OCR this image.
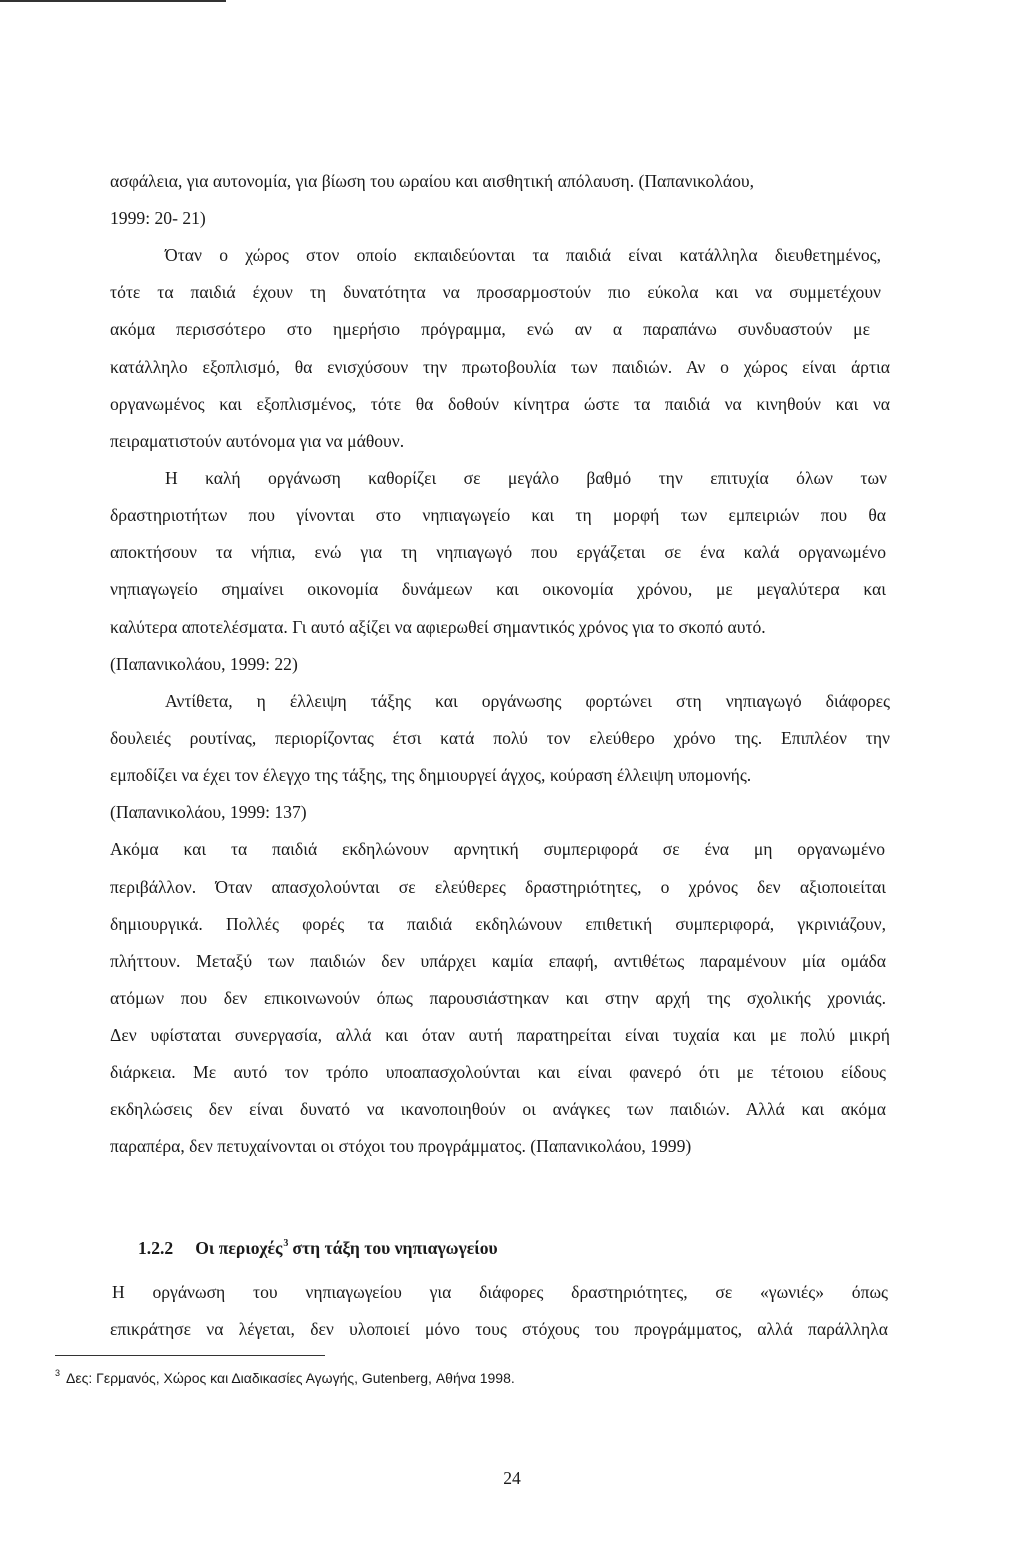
ασφάλεια, για αυτονομία, για βίωση του ωραίου και αισθητική απόλαυση. (Παπανικολάου,
1999: 20- 21)
Όταν ο χώρος στον οποίο εκπαιδεύονται τα παιδιά είναι κατάλληλα διευθετημένος,
τότε τα παιδιά έχουν τη δυνατότητα να προσαρμοστούν πιο εύκολα και να συμμετέχουν
ακόμα περισσότερο στο ημερήσιο πρόγραμμα, ενώ αν α παραπάνω συνδυαστούν με
κατάλληλο εξοπλισμό, θα ενισχύσουν την πρωτοβουλία των παιδιών. Αν ο χώρος είναι άρτια
οργανωμένος και εξοπλισμένος, τότε θα δοθούν κίνητρα ώστε τα παιδιά να κινηθούν και να
πειραματιστούν αυτόνομα για να μάθουν.
Η καλή οργάνωση καθορίζει σε μεγάλο βαθμό την επιτυχία όλων των
δραστηριοτήτων που γίνονται στο νηπιαγωγείο και τη μορφή των εμπειριών που θα
αποκτήσουν τα νήπια, ενώ για τη νηπιαγωγό που εργάζεται σε ένα καλά οργανωμένο
νηπιαγωγείο σημαίνει οικονομία δυνάμεων και οικονομία χρόνου, με μεγαλύτερα και
καλύτερα αποτελέσματα. Γι αυτό αξίζει να αφιερωθεί σημαντικός χρόνος για το σκοπό αυτό.
(Παπανικολάου, 1999: 22)
Αντίθετα, η έλλειψη τάξης και οργάνωσης φορτώνει στη νηπιαγωγό διάφορες
δουλειές ρουτίνας, περιορίζοντας έτσι κατά πολύ τον ελεύθερο χρόνο της. Επιπλέον την
εμποδίζει να έχει τον έλεγχο της τάξης, της δημιουργεί άγχος, κούραση έλλειψη υπομονής.
(Παπανικολάου, 1999: 137)
Ακόμα και τα παιδιά εκδηλώνουν αρνητική συμπεριφορά σε ένα μη οργανωμένο
περιβάλλον. Όταν απασχολούνται σε ελεύθερες δραστηριότητες, ο χρόνος δεν αξιοποιείται
δημιουργικά. Πολλές φορές τα παιδιά εκδηλώνουν επιθετική συμπεριφορά, γκρινιάζουν,
πλήττουν. Μεταξύ των παιδιών δεν υπάρχει καμία επαφή, αντιθέτως παραμένουν μία ομάδα
ατόμων που δεν επικοινωνούν όπως παρουσιάστηκαν και στην αρχή της σχολικής χρονιάς.
Δεν υφίσταται συνεργασία, αλλά και όταν αυτή παρατηρείται είναι τυχαία και με πολύ μικρή
διάρκεια. Με αυτό τον τρόπο υποαπασχολούνται και είναι φανερό ότι με τέτοιου είδους
εκδηλώσεις δεν είναι δυνατό να ικανοποιηθούν οι ανάγκες των παιδιών. Αλλά και ακόμα
παραπέρα, δεν πετυχαίνονται οι στόχοι του προγράμματος. (Παπανικολάου, 1999)
1.2.2 Οι περιοχές$^3$ στη τάξη του νηπιαγωγείου
Η οργάνωση του νηπιαγωγείου για διάφορες δραστηριότητες, σε «γωνιές» όπως
επικράτησε να λέγεται, δεν υλοποιεί μόνο τους στόχους του προγράμματος, αλλά παράλληλα
$^3$ Δες: Γερμανός, Χώρος και Διαδικασίες Αγωγής, Gutenberg, Αθήνα 1998.
24
